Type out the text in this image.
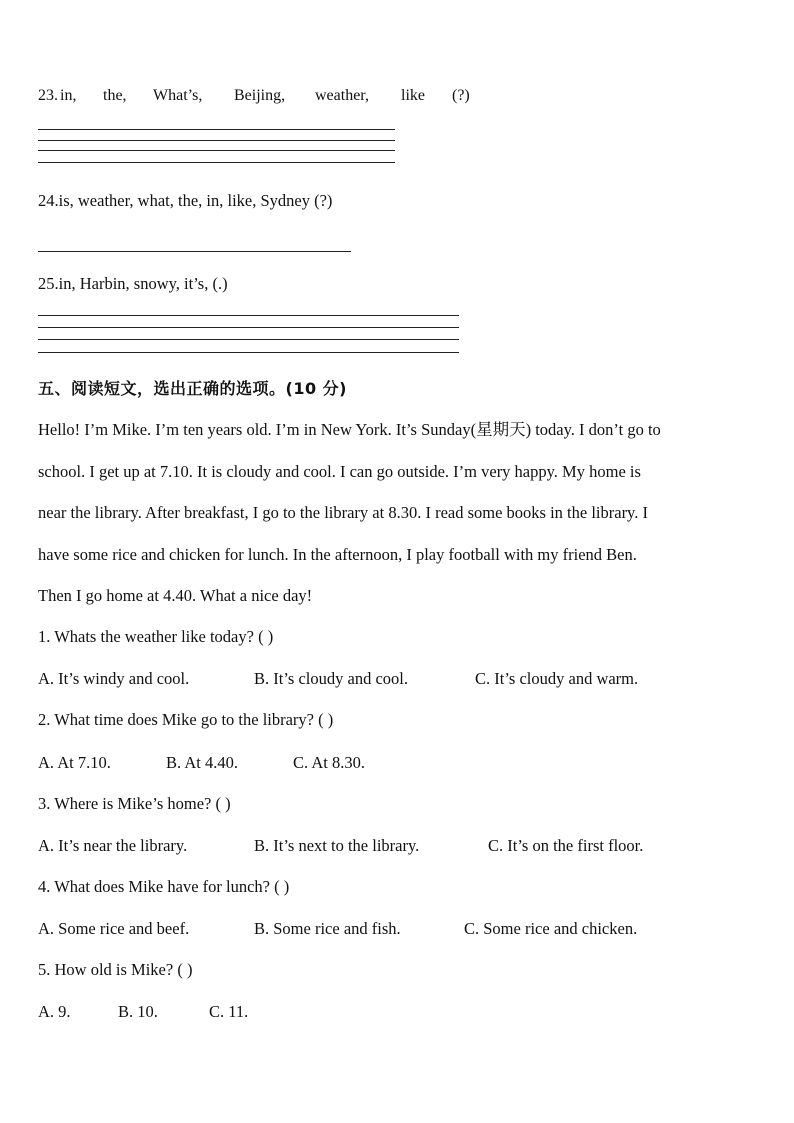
23. in, the, What’s, Beijing, weather, like (?)
24.is, weather, what, the, in, like, Sydney (?)
25.in, Harbin, snowy, it’s, (.)
五、阅读短文，选出正确的选项。(10 分)
Hello! I’m Mike. I’m ten years old. I’m in New York. It’s Sunday(星期天) today. I don’t go to
school. I get up at 7.10. It is cloudy and cool. I can go outside. I’m very happy. My home is
near the library. After breakfast, I go to the library at 8.30. I read some books in the library. I
have some rice and chicken for lunch. In the afternoon, I play football with my friend Ben.
Then I go home at 4.40. What a nice day!
1. Whats the weather like today? ( )
A. It’s windy and cool.	B. It’s cloudy and cool.	C. It’s cloudy and warm.
2. What time does Mike go to the library? ( )
A. At 7.10.	B. At 4.40.	C. At 8.30.
3. Where is Mike’s home? ( )
A. It’s near the library.	B. It’s next to the library.	C. It’s on the first floor.
4. What does Mike have for lunch? ( )
A. Some rice and beef.	B. Some rice and fish.	C. Some rice and chicken.
5. How old is Mike? ( )
A. 9.	B. 10.	C. 11.
